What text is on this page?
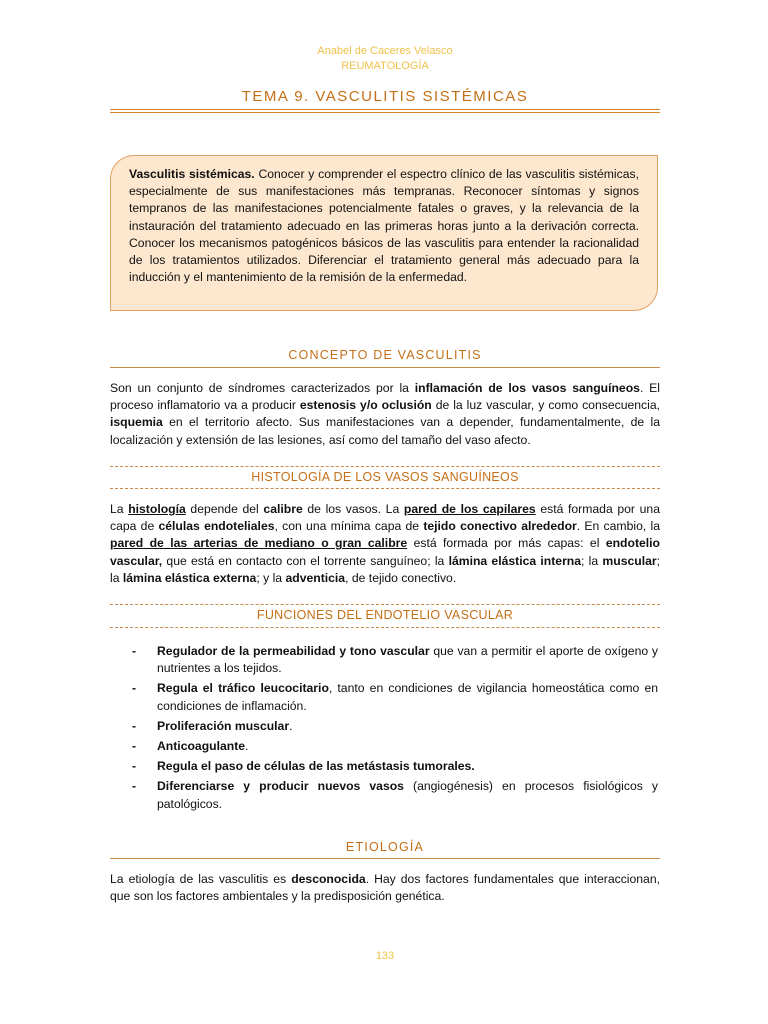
Anabel de Caceres Velasco
REUMATOLOGÍA
TEMA 9. VASCULITIS SISTÉMICAS

Vasculitis sistémicas. Conocer y comprender el espectro clínico de las vasculitis sistémicas, especialmente de sus manifestaciones más tempranas. Reconocer síntomas y signos tempranos de las manifestaciones potencialmente fatales o graves, y la relevancia de la instauración del tratamiento adecuado en las primeras horas junto a la derivación correcta. Conocer los mecanismos patogénicos básicos de las vasculitis para entender la racionalidad de los tratamientos utilizados. Diferenciar el tratamiento general más adecuado para la inducción y el mantenimiento de la remisión de la enfermedad.

CONCEPTO DE VASCULITIS

Son un conjunto de síndromes caracterizados por la inflamación de los vasos sanguíneos. El proceso inflamatorio va a producir estenosis y/o oclusión de la luz vascular, y como consecuencia, isquemia en el territorio afecto. Sus manifestaciones van a depender, fundamentalmente, de la localización y extensión de las lesiones, así como del tamaño del vaso afecto.

HISTOLOGÍA DE LOS VASOS SANGUÍNEOS

La histología depende del calibre de los vasos. La pared de los capilares está formada por una capa de células endoteliales, con una mínima capa de tejido conectivo alrededor. En cambio, la pared de las arterias de mediano o gran calibre está formada por más capas: el endotelio vascular, que está en contacto con el torrente sanguíneo; la lámina elástica interna; la muscular; la lámina elástica externa; y la adventicia, de tejido conectivo.

FUNCIONES DEL ENDOTELIO VASCULAR
- Regulador de la permeabilidad y tono vascular que van a permitir el aporte de oxígeno y nutrientes a los tejidos.
- Regula el tráfico leucocitario, tanto en condiciones de vigilancia homeostática como en condiciones de inflamación.
- Proliferación muscular.
- Anticoagulante.
- Regula el paso de células de las metástasis tumorales.
- Diferenciarse y producir nuevos vasos (angiogénesis) en procesos fisiológicos y patológicos.
ETIOLOGÍA

La etiología de las vasculitis es desconocida. Hay dos factores fundamentales que interaccionan, que son los factores ambientales y la predisposición genética.

133
